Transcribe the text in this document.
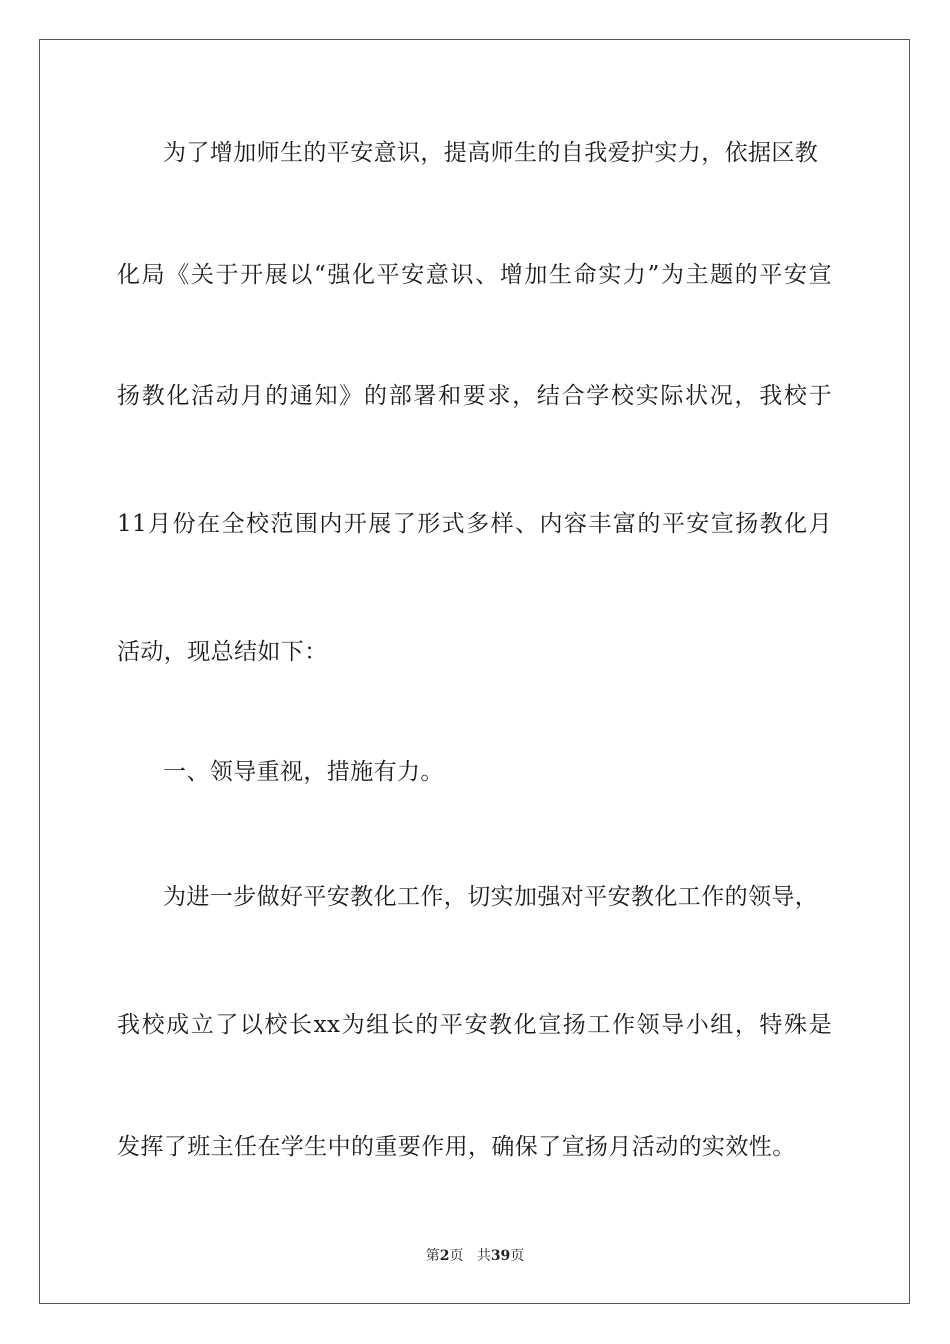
为了增加师生的平安意识，提高师生的自我爱护实力，依据区教
化局《关于开展以“强化平安意识、增加生命实力”为主题的平安宣
扬教化活动月的通知》的部署和要求，结合学校实际状况，我校于
11月份在全校范围内开展了形式多样、内容丰富的平安宣扬教化月
活动，现总结如下：
一、领导重视，措施有力。
为进一步做好平安教化工作，切实加强对平安教化工作的领导，
我校成立了以校长xx为组长的平安教化宣扬工作领导小组，特殊是
发挥了班主任在学生中的重要作用，确保了宣扬月活动的实效性。
第2页 共39页
